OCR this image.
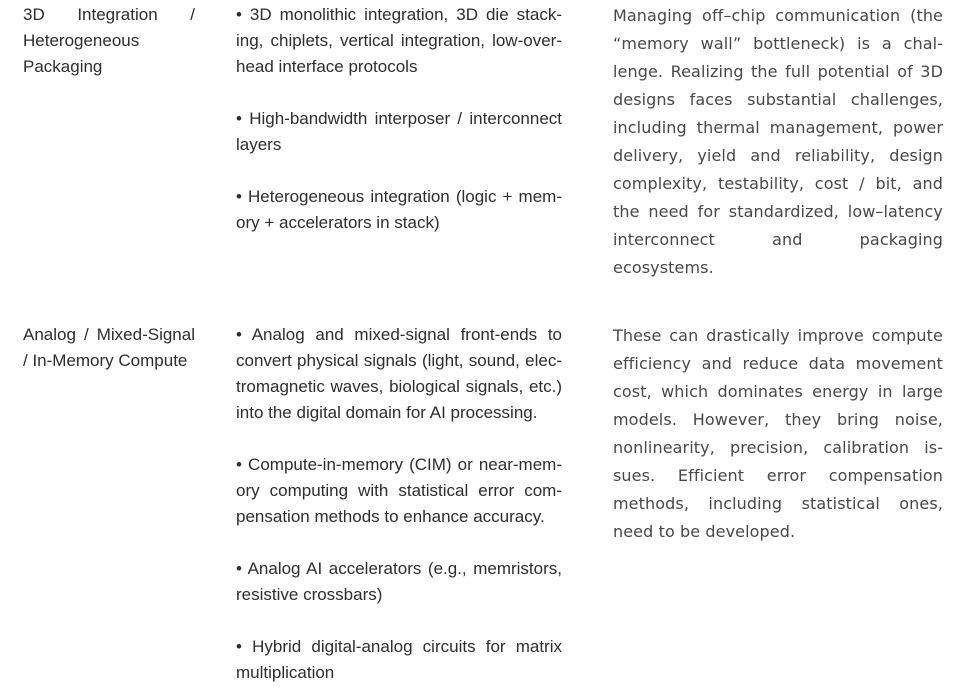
3D Integration / Heterogeneous Packaging

• 3D monolithic integration, 3D die stacking, chiplets, vertical integration, low-overhead interface protocols

• High-bandwidth interposer / interconnect layers

• Heterogeneous integration (logic + memory + accelerators in stack)

Managing off–chip communication (the “memory wall” bottleneck) is a challenge. Realizing the full potential of 3D designs faces substantial challenges, including thermal management, power delivery, yield and reliability, design complexity, testability, cost / bit, and the need for standardized, low–latency interconnect and packaging ecosystems.

Analog / Mixed-Signal / In-Memory Compute

• Analog and mixed-signal front-ends to convert physical signals (light, sound, electromagnetic waves, biological signals, etc.) into the digital domain for AI processing.

• Compute-in-memory (CIM) or near-memory computing with statistical error compensation methods to enhance accuracy.

• Analog AI accelerators (e.g., memristors, resistive crossbars)

• Hybrid digital-analog circuits for matrix multiplication

These can drastically improve compute efficiency and reduce data movement cost, which dominates energy in large models. However, they bring noise, nonlinearity, precision, calibration issues. Efficient error compensation methods, including statistical ones, need to be developed.
